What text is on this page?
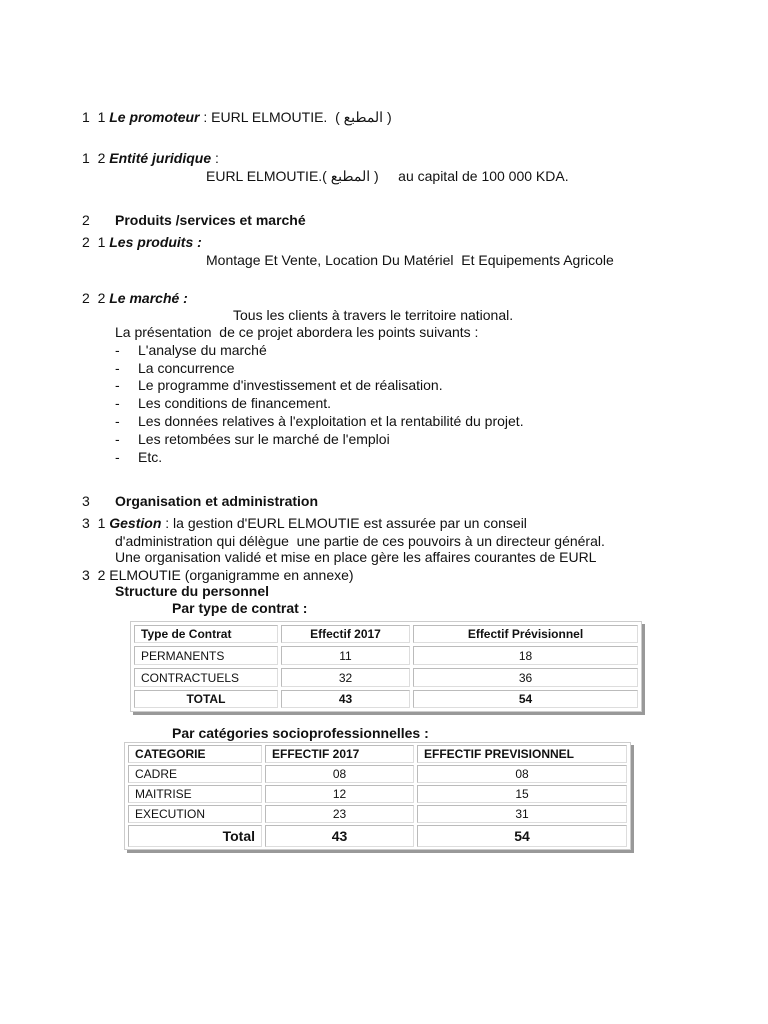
1  1 Le promoteur : EURL ELMOUTIE.  ( المطبع )
1  2 Entité juridique :
EURL ELMOUTIE.( المطبع )     au capital de 100 000 KDA.
2 Produits /services et marché
2  1 Les produits :
Montage Et Vente, Location Du Matériel  Et Equipements Agricole
2  2 Le marché :
Tous les clients à travers le territoire national.
La présentation  de ce projet abordera les points suivants :
- L'analyse du marché
- La concurrence
- Le programme d'investissement et de réalisation.
- Les conditions de financement.
- Les données relatives à l'exploitation et la rentabilité du projet.
- Les retombées sur le marché de l'emploi
- Etc.
3 Organisation et administration
3  1 Gestion : la gestion d'EURL ELMOUTIE est assurée par un conseil
d'administration qui délègue  une partie de ces pouvoirs à un directeur général.
Une organisation validé et mise en place gère les affaires courantes de EURL
3  2 ELMOUTIE (organigramme en annexe)
Structure du personnel
Par type de contrat :
Type de Contrat	Effectif 2017	Effectif Prévisionnel
PERMANENTS	11	18
CONTRACTUELS	32	36
TOTAL	43	54
Par catégories socioprofessionnelles :
CATEGORIE	EFFECTIF 2017	EFFECTIF PREVISIONNEL
CADRE	08	08
MAITRISE	12	15
EXECUTION	23	31
Total	43	54
